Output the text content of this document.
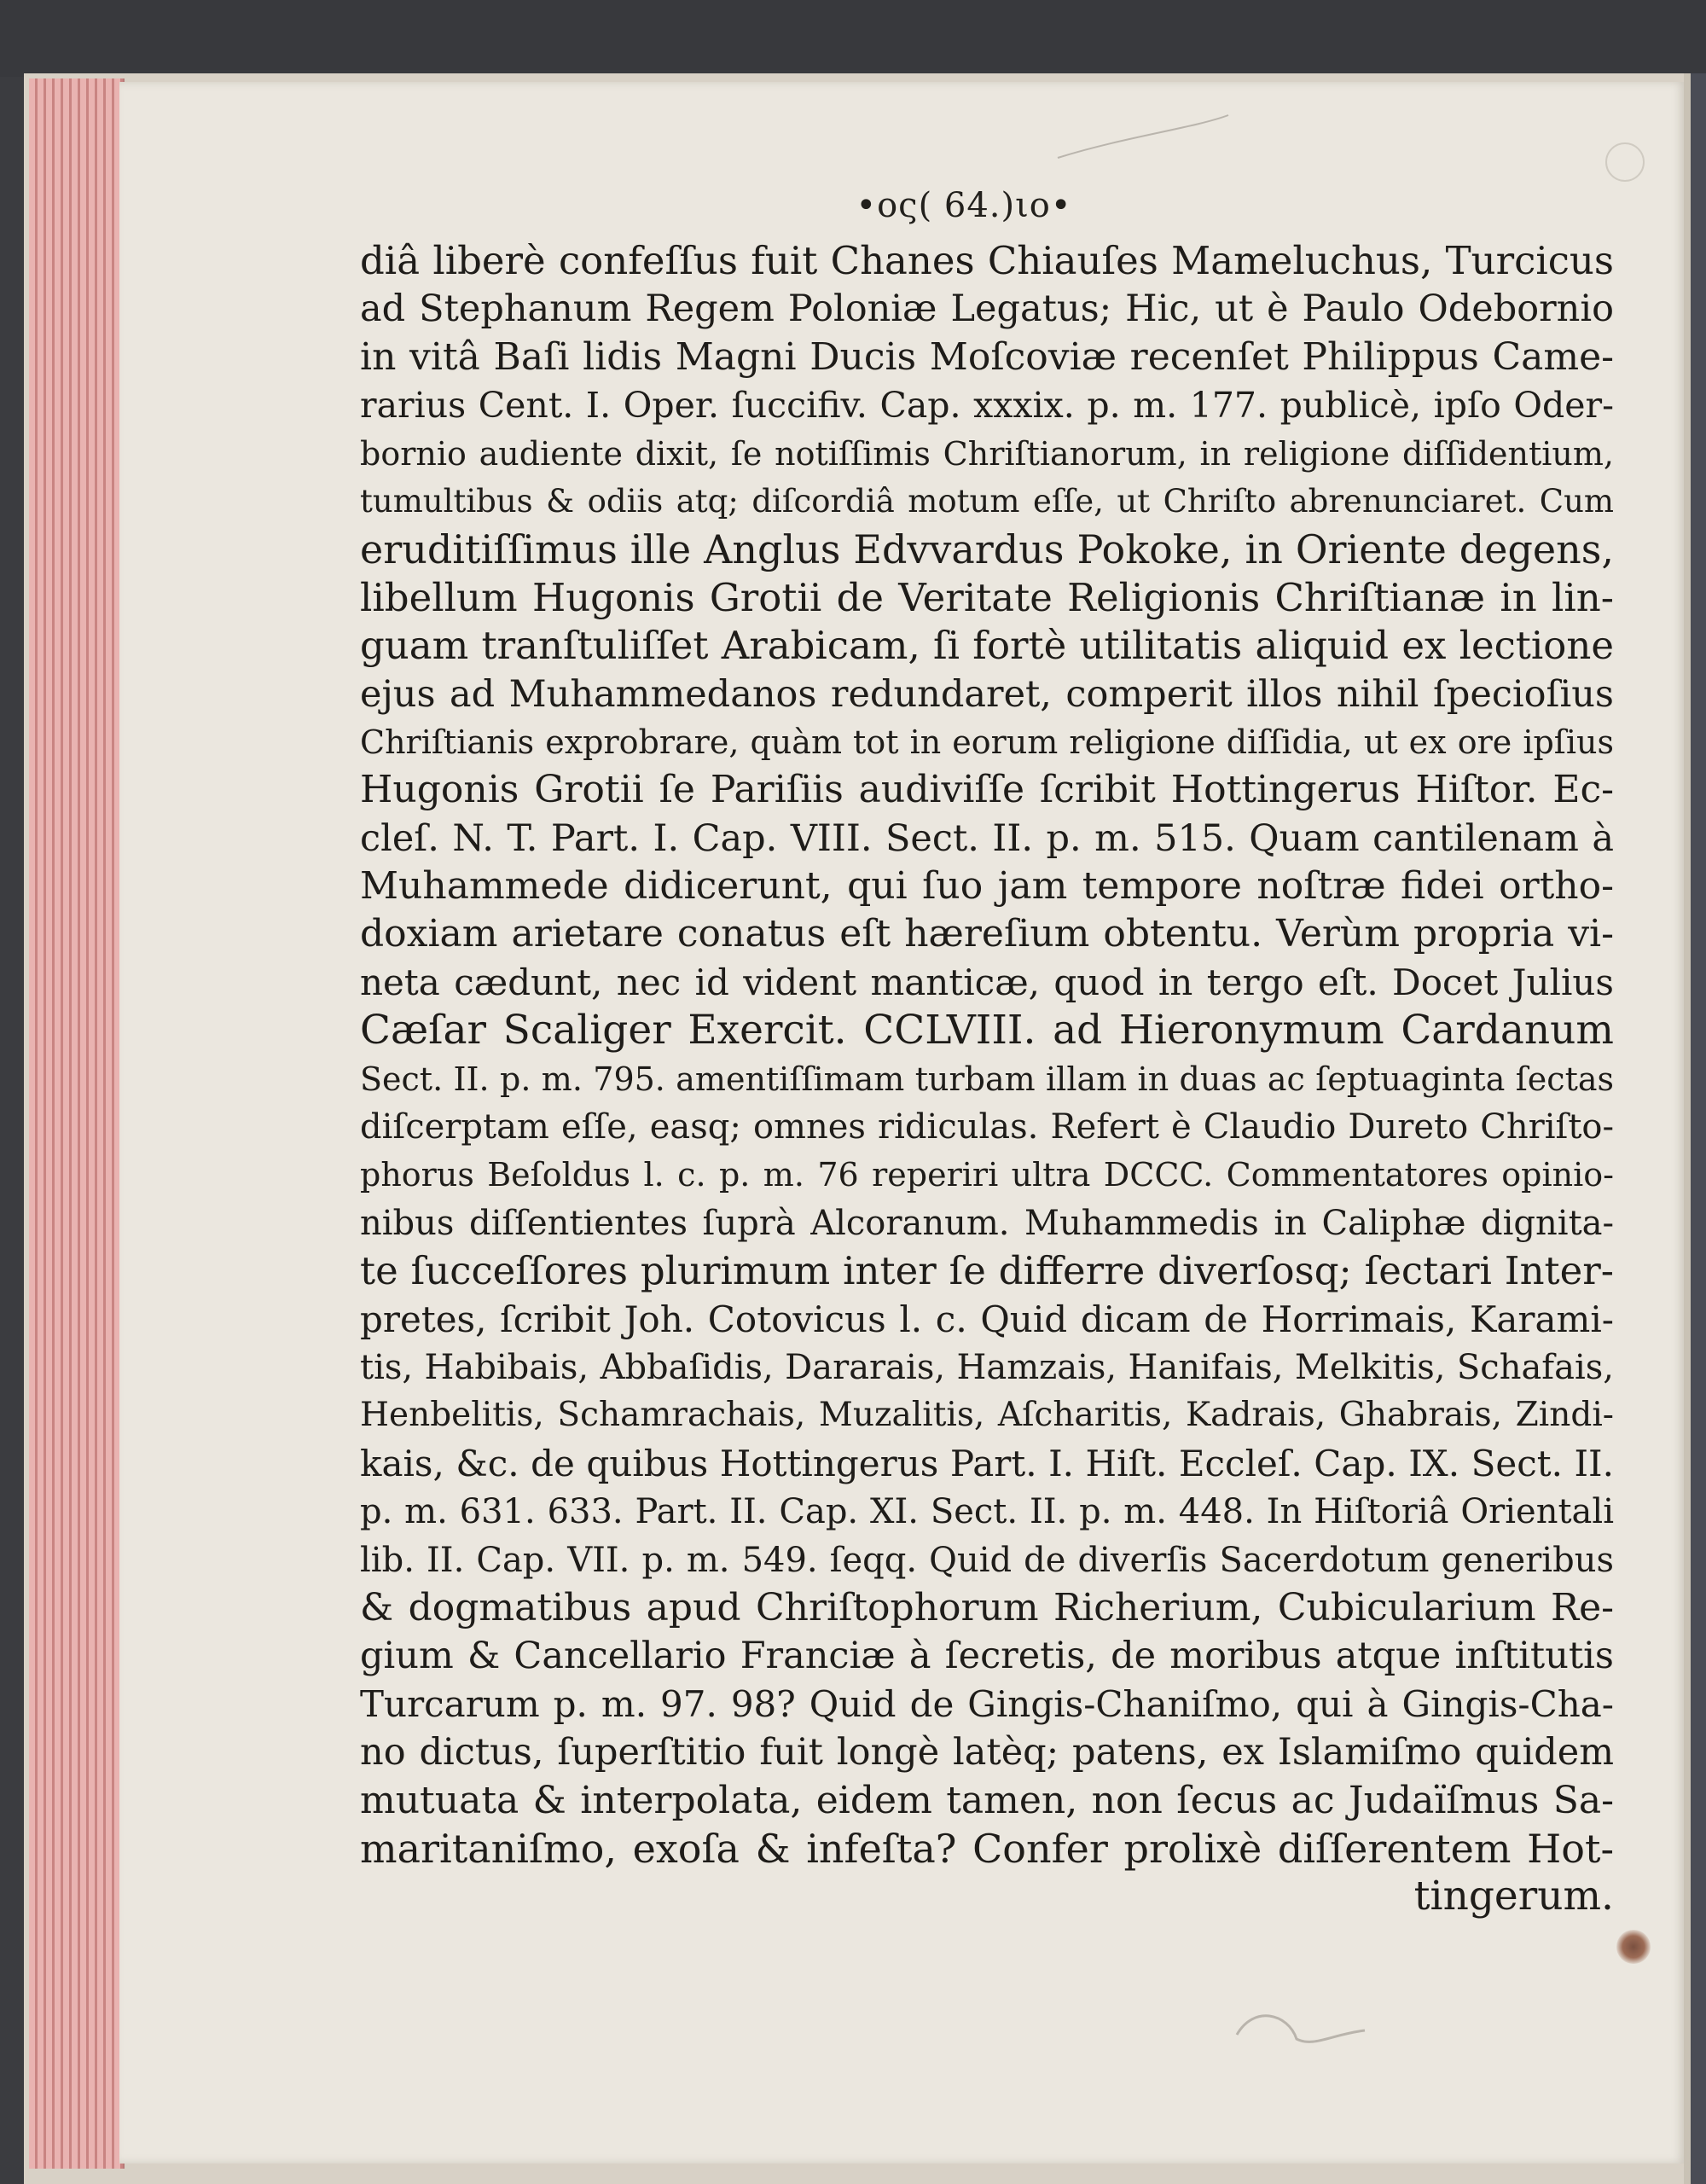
•oς( 64.)ιo•
diâ liberè confeſſus fuit Chanes Chiauſes Mameluchus, Turcicus
ad Stephanum Regem Poloniæ Legatus; Hic, ut è Paulo Odebornio
in vitâ Baſi lidis Magni Ducis Moſcoviæ recenſet Philippus Came-
rarius Cent. I. Oper. ſuccifiv. Cap. xxxix. p. m. 177. publicè, ipſo Oder-
bornio audiente dixit, ſe notiſſimis Chriſtianorum, in religione diſſidentium,
tumultibus & odiis atq; diſcordiâ motum eſſe, ut Chriſto abrenunciaret. Cum
eruditiſſimus ille Anglus Edvvardus Pokoke, in Oriente degens,
libellum Hugonis Grotii de Veritate Religionis Chriſtianæ in lin-
guam tranſtuliſſet Arabicam, ſi fortè utilitatis aliquid ex lectione
ejus ad Muhammedanos redundaret, comperit illos nihil ſpecioſius
Chriſtianis exprobrare, quàm tot in eorum religione diſſidia, ut ex ore ipſius
Hugonis Grotii ſe Pariſiis audiviſſe ſcribit Hottingerus Hiſtor. Ec-
cleſ. N. T. Part. I. Cap. VIII. Sect. II. p. m. 515. Quam cantilenam à
Muhammede didicerunt, qui ſuo jam tempore noſtræ fidei ortho-
doxiam arietare conatus eſt hæreſium obtentu. Verùm propria vi-
neta cædunt, nec id vident manticæ, quod in tergo eſt. Docet Julius
Cæſar Scaliger Exercit. CCLVIII. ad Hieronymum Cardanum
Sect. II. p. m. 795. amentiſſimam turbam illam in duas ac ſeptuaginta ſectas
diſcerptam eſſe, easq; omnes ridiculas. Refert è Claudio Dureto Chriſto-
phorus Beſoldus l. c. p. m. 76 reperiri ultra DCCC. Commentatores opinio-
nibus diſſentientes ſuprà Alcoranum. Muhammedis in Caliphæ dignita-
te ſucceſſores plurimum inter ſe differre diverſosq; ſectari Inter-
pretes, ſcribit Joh. Cotovicus l. c. Quid dicam de Horrimais, Karami-
tis, Habibais, Abbaſidis, Dararais, Hamzais, Hanifais, Melkitis, Schafais,
Henbelitis, Schamrachais, Muzalitis, Aſcharitis, Kadrais, Ghabrais, Zindi-
kais, &c. de quibus Hottingerus Part. I. Hiſt. Eccleſ. Cap. IX. Sect. II.
p. m. 631. 633. Part. II. Cap. XI. Sect. II. p. m. 448. In Hiſtoriâ Orientali
lib. II. Cap. VII. p. m. 549. ſeqq. Quid de diverſis Sacerdotum generibus
& dogmatibus apud Chriſtophorum Richerium, Cubicularium Re-
gium & Cancellario Franciæ à ſecretis, de moribus atque inſtitutis
Turcarum p. m. 97. 98? Quid de Gingis-Chaniſmo, qui à Gingis-Cha-
no dictus, ſuperſtitio fuit longè latèq; patens, ex Islamiſmo quidem
mutuata & interpolata, eidem tamen, non ſecus ac Judaïſmus Sa-
maritaniſmo, exoſa & infeſta? Confer prolixè diſſerentem Hot-
tingerum.
